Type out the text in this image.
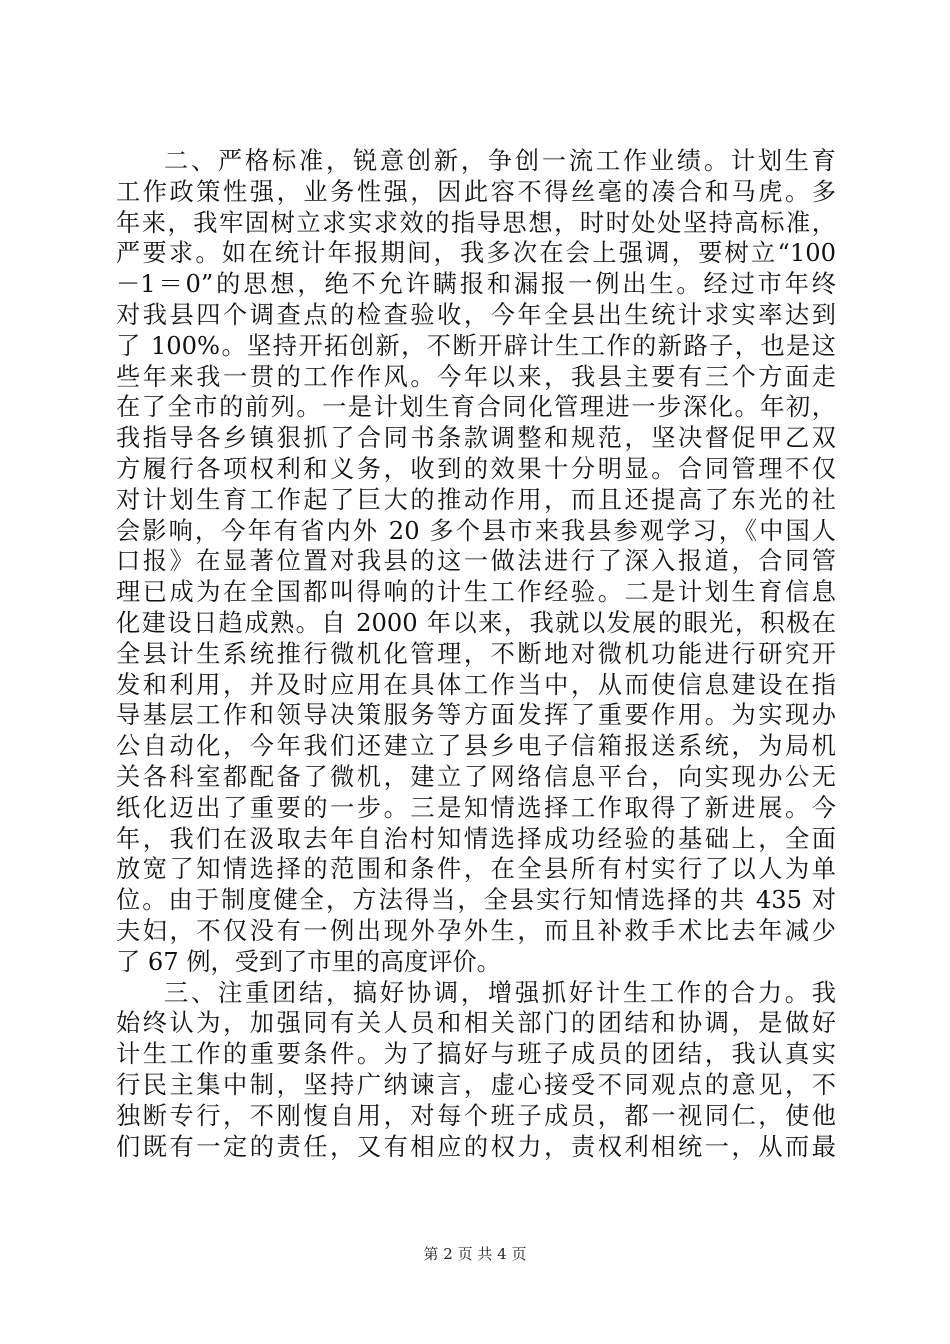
二、严格标准，锐意创新，争创一流工作业绩。计划生育
工作政策性强，业务性强，因此容不得丝毫的凑合和马虎。多
年来，我牢固树立求实求效的指导思想，时时处处坚持高标准，
严要求。如在统计年报期间，我多次在会上强调，要树立“100
－1＝0”的思想，绝不允许瞒报和漏报一例出生。经过市年终
对我县四个调查点的检查验收，今年全县出生统计求实率达到
了 100%。坚持开拓创新，不断开辟计生工作的新路子，也是这
些年来我一贯的工作作风。今年以来，我县主要有三个方面走
在了全市的前列。一是计划生育合同化管理进一步深化。年初，
我指导各乡镇狠抓了合同书条款调整和规范，坚决督促甲乙双
方履行各项权利和义务，收到的效果十分明显。合同管理不仅
对计划生育工作起了巨大的推动作用，而且还提高了东光的社
会影响，今年有省内外 20 多个县市来我县参观学习，《中国人
口报》在显著位置对我县的这一做法进行了深入报道，合同管
理已成为在全国都叫得响的计生工作经验。二是计划生育信息
化建设日趋成熟。自 2000 年以来，我就以发展的眼光，积极在
全县计生系统推行微机化管理，不断地对微机功能进行研究开
发和利用，并及时应用在具体工作当中，从而使信息建设在指
导基层工作和领导决策服务等方面发挥了重要作用。为实现办
公自动化，今年我们还建立了县乡电子信箱报送系统，为局机
关各科室都配备了微机，建立了网络信息平台，向实现办公无
纸化迈出了重要的一步。三是知情选择工作取得了新进展。今
年，我们在汲取去年自治村知情选择成功经验的基础上，全面
放宽了知情选择的范围和条件，在全县所有村实行了以人为单
位。由于制度健全，方法得当，全县实行知情选择的共 435 对
夫妇，不仅没有一例出现外孕外生，而且补救手术比去年减少
了 67 例，受到了市里的高度评价。

三、注重团结，搞好协调，增强抓好计生工作的合力。我
始终认为，加强同有关人员和相关部门的团结和协调，是做好
计生工作的重要条件。为了搞好与班子成员的团结，我认真实
行民主集中制，坚持广纳谏言，虚心接受不同观点的意见，不
独断专行，不刚愎自用，对每个班子成员，都一视同仁，使他
们既有一定的责任，又有相应的权力，责权利相统一，从而最

第 2 页 共 4 页
